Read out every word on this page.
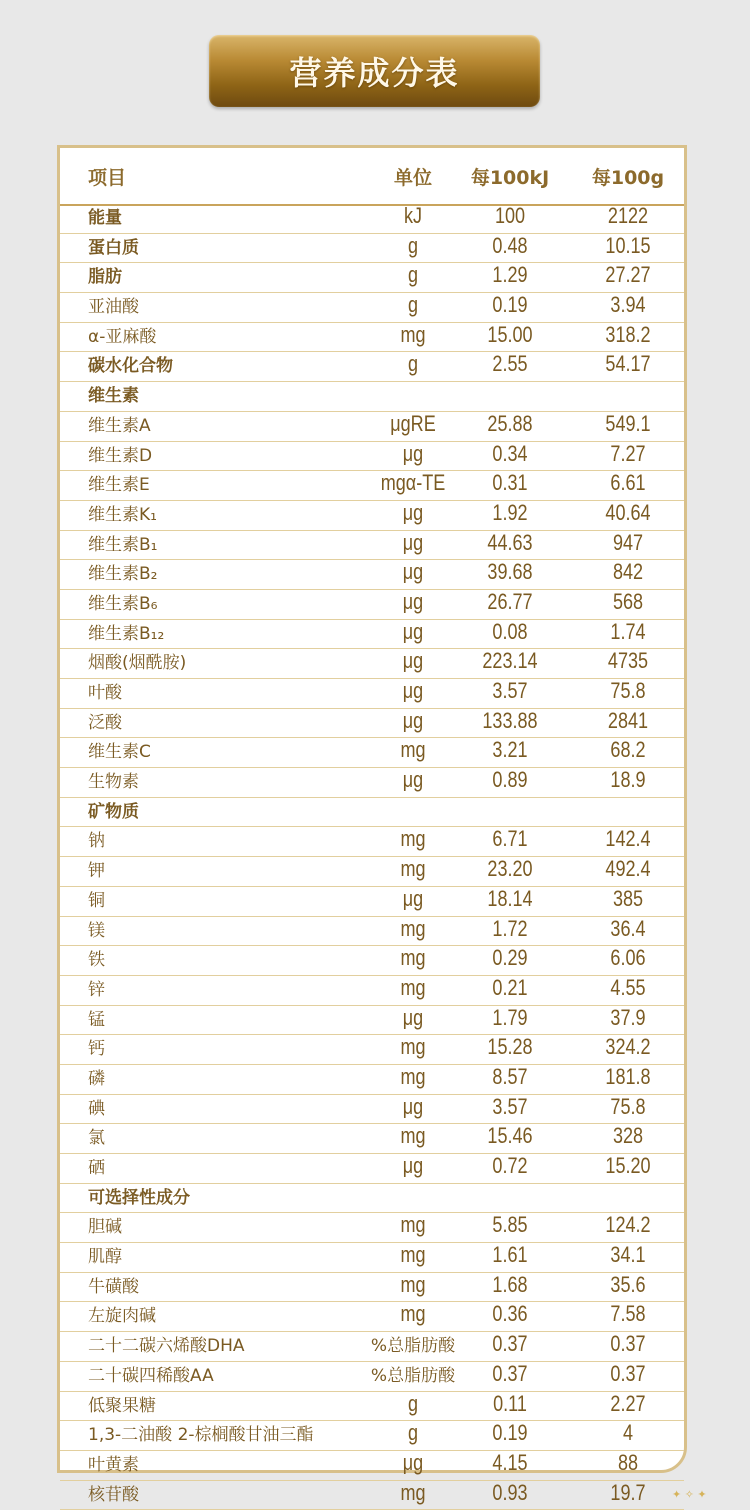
营养成分表
项目	单位	每100kJ	每100g
能量	kJ	100	2122
蛋白质	g	0.48	10.15
脂肪	g	1.29	27.27
亚油酸	g	0.19	3.94
α-亚麻酸	mg	15.00	318.2
碳水化合物	g	2.55	54.17
维生素
维生素A	μgRE	25.88	549.1
维生素D	μg	0.34	7.27
维生素E	mgα-TE	0.31	6.61
维生素K₁	μg	1.92	40.64
维生素B₁	μg	44.63	947
维生素B₂	μg	39.68	842
维生素B₆	μg	26.77	568
维生素B₁₂	μg	0.08	1.74
烟酸(烟酰胺)	μg	223.14	4735
叶酸	μg	3.57	75.8
泛酸	μg	133.88	2841
维生素C	mg	3.21	68.2
生物素	μg	0.89	18.9
矿物质
钠	mg	6.71	142.4
钾	mg	23.20	492.4
铜	μg	18.14	385
镁	mg	1.72	36.4
铁	mg	0.29	6.06
锌	mg	0.21	4.55
锰	μg	1.79	37.9
钙	mg	15.28	324.2
磷	mg	8.57	181.8
碘	μg	3.57	75.8
氯	mg	15.46	328
硒	μg	0.72	15.20
可选择性成分
胆碱	mg	5.85	124.2
肌醇	mg	1.61	34.1
牛磺酸	mg	1.68	35.6
左旋肉碱	mg	0.36	7.58
二十二碳六烯酸DHA	%总脂肪酸	0.37	0.37
二十碳四稀酸AA	%总脂肪酸	0.37	0.37
低聚果糖	g	0.11	2.27
1,3-二油酸 2-棕榈酸甘油三酯	g	0.19	4
叶黄素	μg	4.15	88
核苷酸	mg	0.93	19.7	✦ ✧ ✦
